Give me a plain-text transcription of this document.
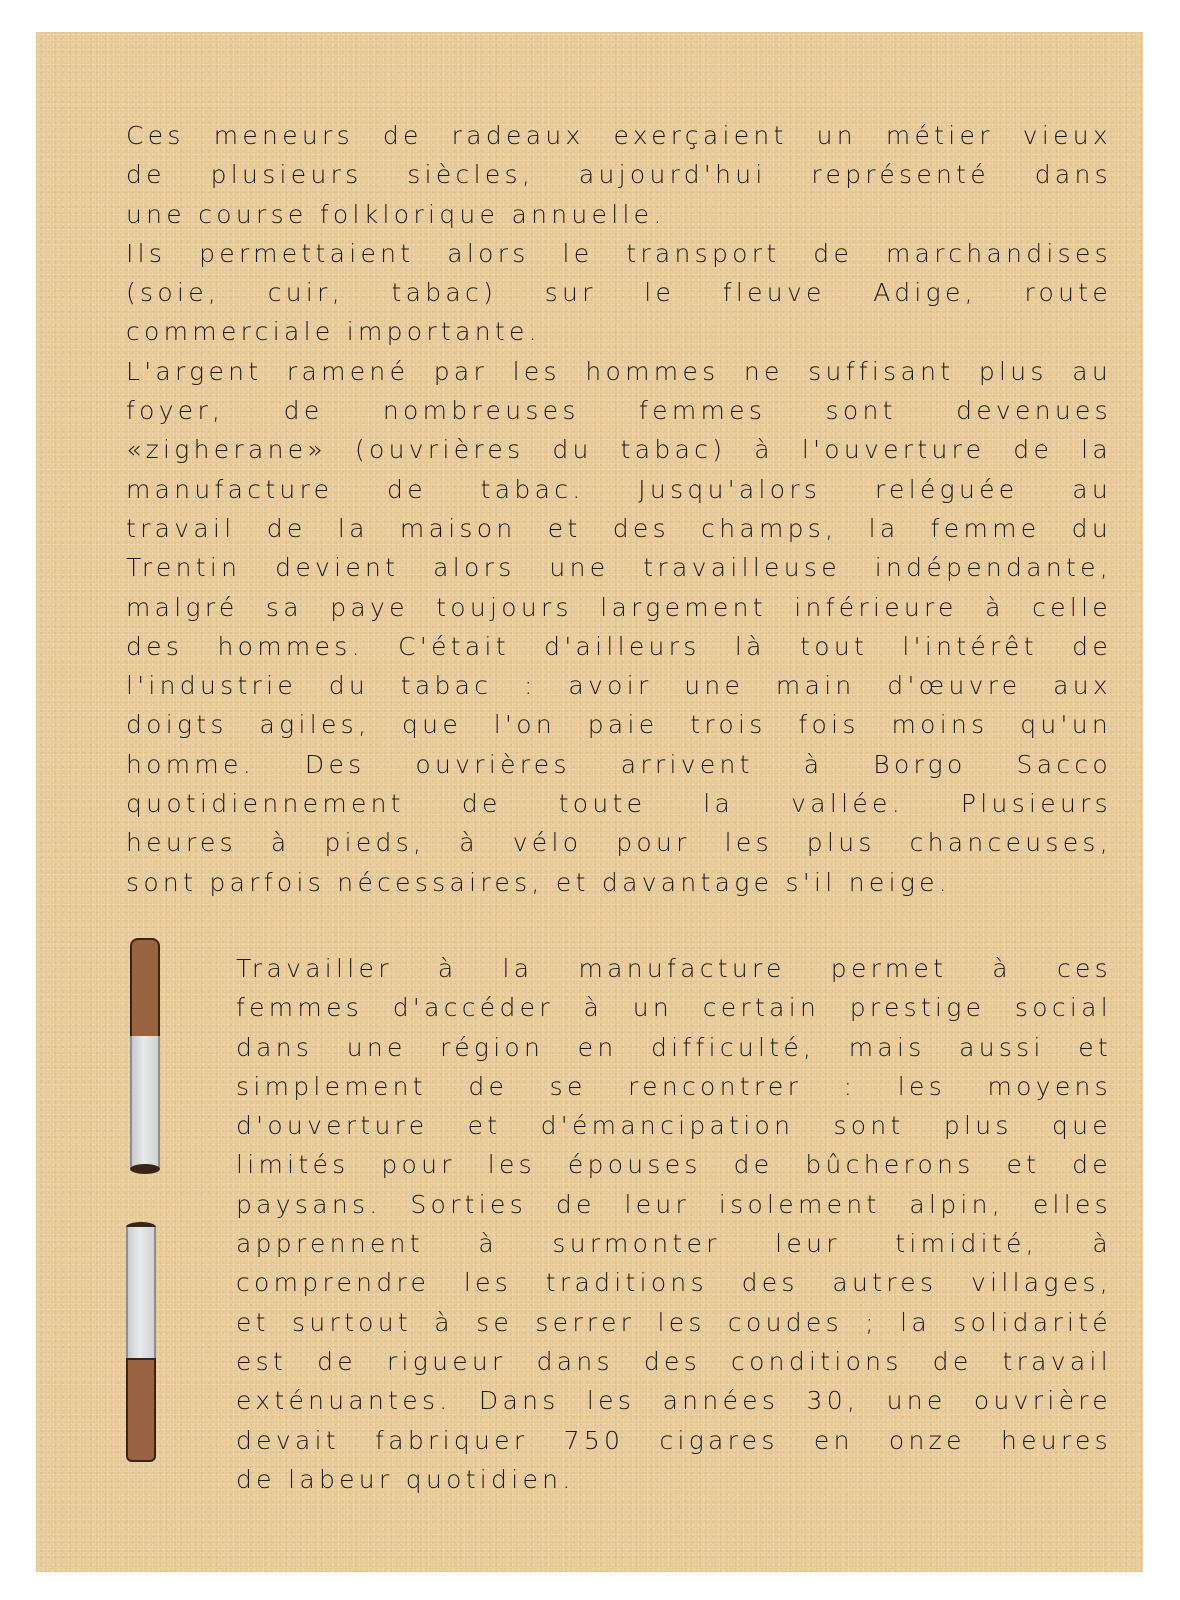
Ces meneurs de radeaux exerçaient un métier vieux
de plusieurs siècles, aujourd'hui représenté dans
une course folklorique annuelle.
Ils permettaient alors le transport de marchandises
(soie, cuir, tabac) sur le fleuve Adige, route
commerciale importante.
L'argent ramené par les hommes ne suffisant plus au
foyer, de nombreuses femmes sont devenues
«zigherane» (ouvrières du tabac) à l'ouverture de la
manufacture de tabac. Jusqu'alors reléguée au
travail de la maison et des champs, la femme du
Trentin devient alors une travailleuse indépendante,
malgré sa paye toujours largement inférieure à celle
des hommes. C'était d'ailleurs là tout l'intérêt de
l'industrie du tabac : avoir une main d'œuvre aux
doigts agiles, que l'on paie trois fois moins qu'un
homme. Des ouvrières arrivent à Borgo Sacco
quotidiennement de toute la vallée. Plusieurs
heures à pieds, à vélo pour les plus chanceuses,
sont parfois nécessaires, et davantage s'il neige.
Travailler à la manufacture permet à ces
femmes d'accéder à un certain prestige social
dans une région en difficulté, mais aussi et
simplement de se rencontrer : les moyens
d'ouverture et d'émancipation sont plus que
limités pour les épouses de bûcherons et de
paysans. Sorties de leur isolement alpin, elles
apprennent à surmonter leur timidité, à
comprendre les traditions des autres villages,
et surtout à se serrer les coudes ; la solidarité
est de rigueur dans des conditions de travail
exténuantes. Dans les années 30, une ouvrière
devait fabriquer 750 cigares en onze heures
de labeur quotidien.
